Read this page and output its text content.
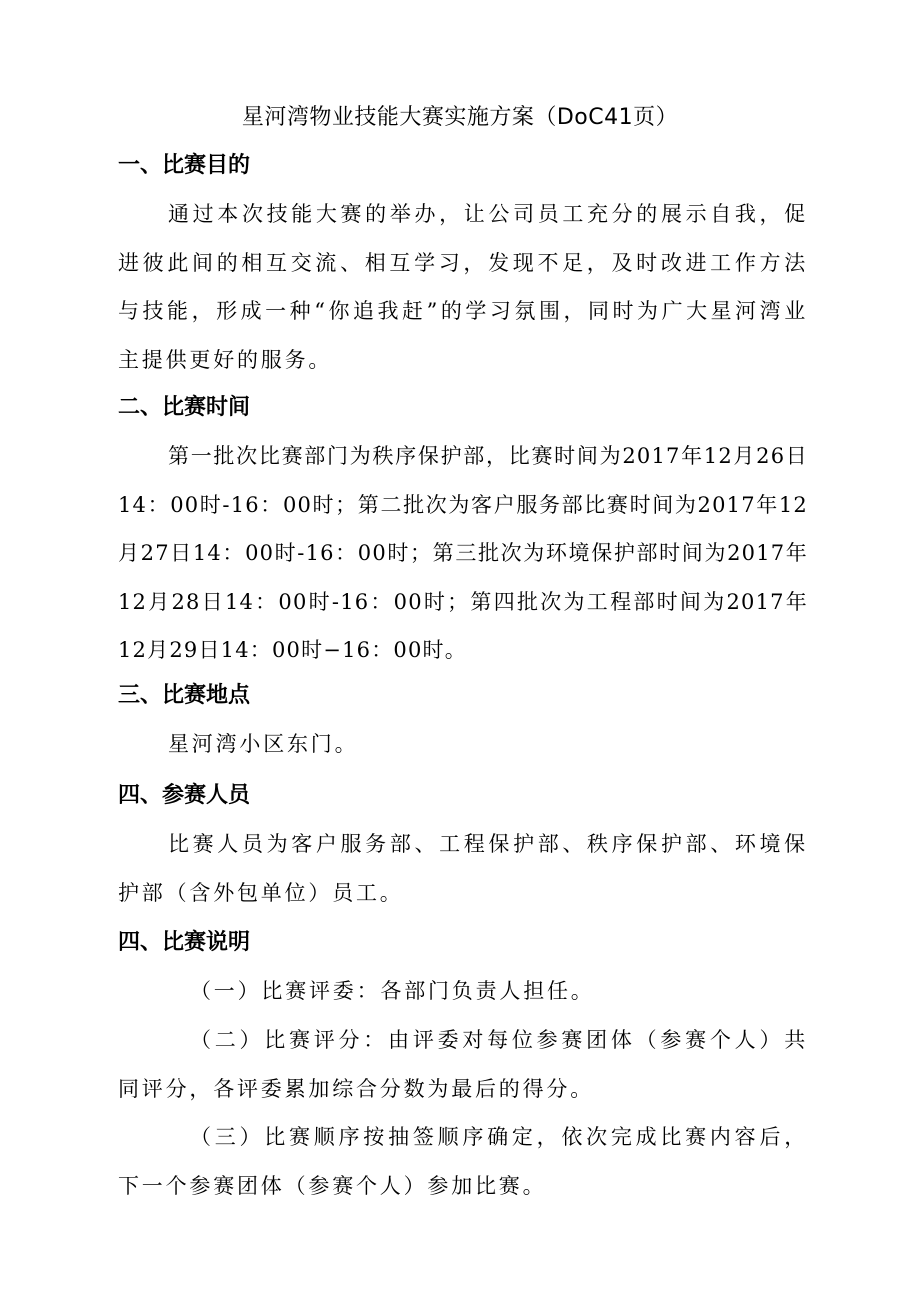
星河湾物业技能大赛实施方案（DoC41页）
一、比赛目的
通过本次技能大赛的举办，让公司员工充分的展示自我，促进彼此间的相互交流、相互学习，发现不足，及时改进工作方法与技能，形成一种“你追我赶”的学习氛围，同时为广大星河湾业主提供更好的服务。
二、比赛时间
第一批次比赛部门为秩序保护部，比赛时间为2017年12月26日14：00时-16：00时；第二批次为客户服务部比赛时间为2017年12月27日14：00时-16：00时；第三批次为环境保护部时间为2017年12月28日14：00时-16：00时；第四批次为工程部时间为2017年12月29日14：00时−16：00时。
三、比赛地点
星河湾小区东门。
四、参赛人员
比赛人员为客户服务部、工程保护部、秩序保护部、环境保护部（含外包单位）员工。
四、比赛说明
（一）比赛评委：各部门负责人担任。
（二）比赛评分：由评委对每位参赛团体（参赛个人）共同评分，各评委累加综合分数为最后的得分。
（三）比赛顺序按抽签顺序确定，依次完成比赛内容后，下一个参赛团体（参赛个人）参加比赛。
